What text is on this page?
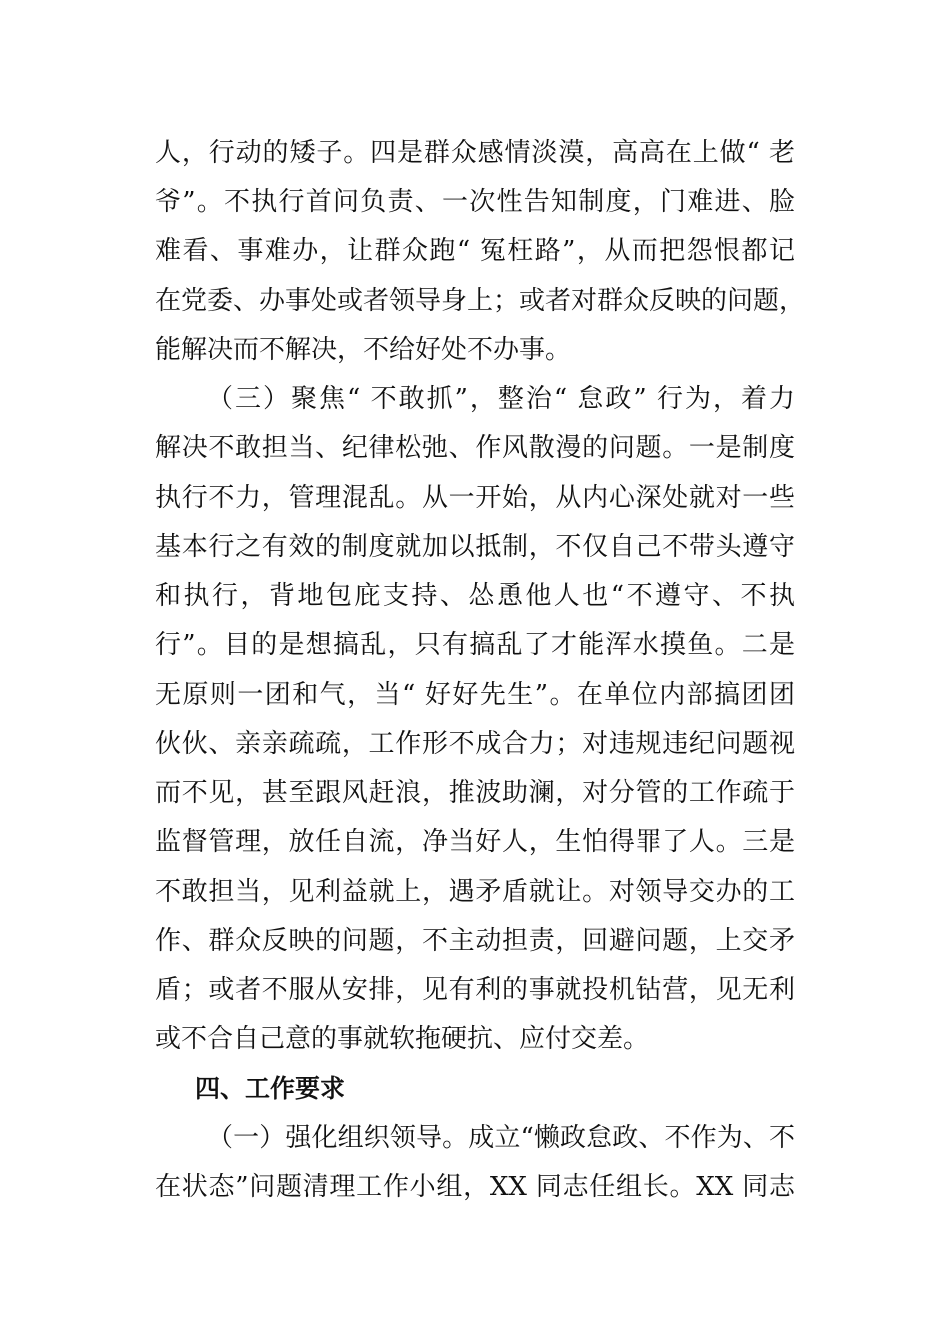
人，行动的矮子。四是群众感情淡漠，高高在上做“ 老
爷”。不执行首问负责、一次性告知制度，门难进、脸
难看、事难办，让群众跑“ 冤枉路”，从而把怨恨都记
在党委、办事处或者领导身上；或者对群众反映的问题，
能解决而不解决，不给好处不办事。
（三）聚焦“ 不敢抓”，整治“ 怠政” 行为，着力
解决不敢担当、纪律松弛、作风散漫的问题。一是制度
执行不力，管理混乱。从一开始，从内心深处就对一些
基本行之有效的制度就加以抵制，不仅自己不带头遵守
和执行，背地包庇支持、怂恿他人也“不遵守、不执
行”。目的是想搞乱，只有搞乱了才能浑水摸鱼。二是
无原则一团和气，当“ 好好先生”。在单位内部搞团团
伙伙、亲亲疏疏，工作形不成合力；对违规违纪问题视
而不见，甚至跟风赶浪，推波助澜，对分管的工作疏于
监督管理，放任自流，净当好人，生怕得罪了人。三是
不敢担当，见利益就上，遇矛盾就让。对领导交办的工
作、群众反映的问题，不主动担责，回避问题，上交矛
盾；或者不服从安排，见有利的事就投机钻营，见无利
或不合自己意的事就软拖硬抗、应付交差。
四、工作要求
（一）强化组织领导。成立“懒政怠政、不作为、不
在状态”问题清理工作小组，XX 同志任组长。XX 同志
